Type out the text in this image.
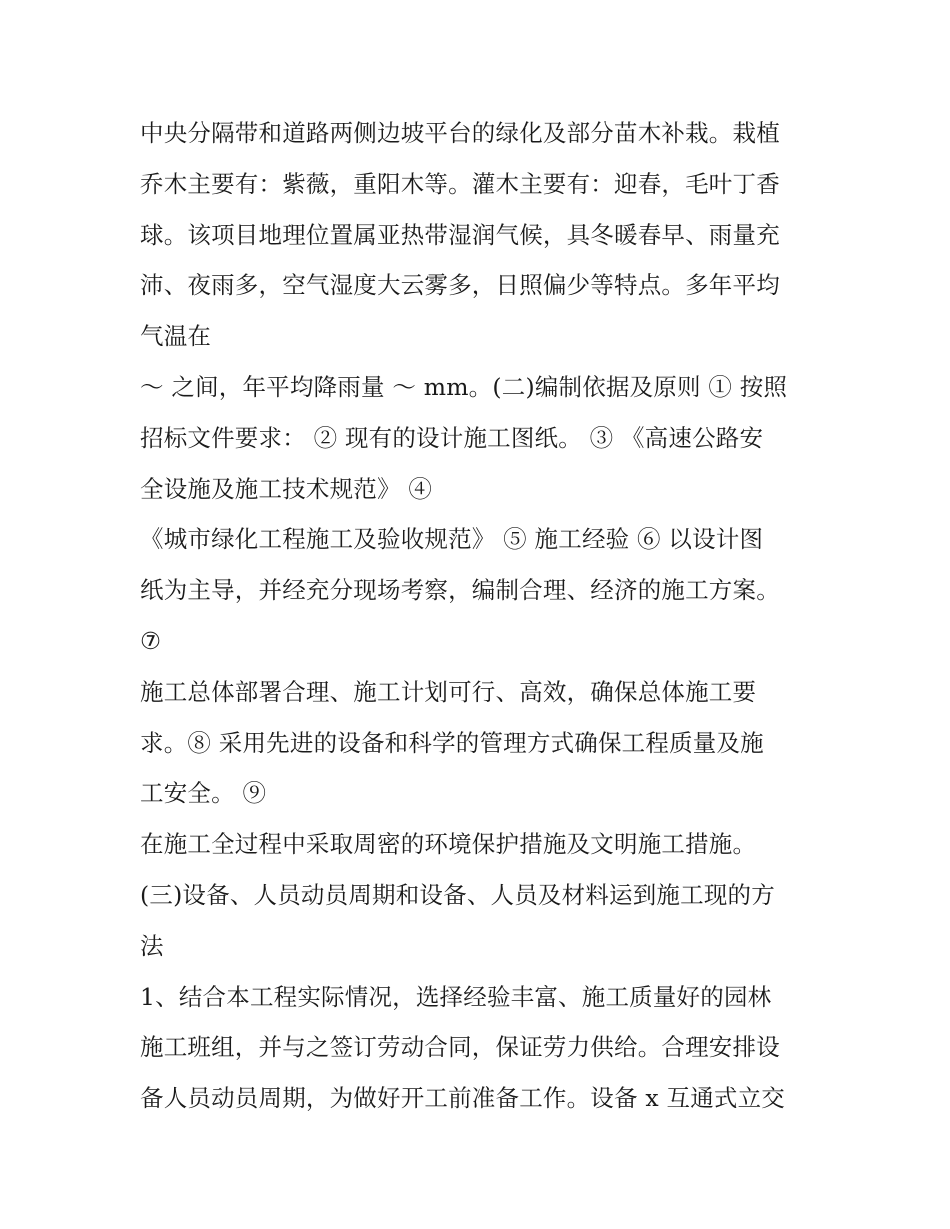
中央分隔带和道路两侧边坡平台的绿化及部分苗木补栽。栽植
乔木主要有：紫薇，重阳木等。灌木主要有：迎春，毛叶丁香
球。该项目地理位置属亚热带湿润气候，具冬暖春早、雨量充
沛、夜雨多，空气湿度大云雾多，日照偏少等特点。多年平均
气温在
～ 之间，年平均降雨量 ～ mm。(二)编制依据及原则 ① 按照
招标文件要求： ② 现有的设计施工图纸。 ③ 《高速公路安
全设施及施工技术规范》 ④
《城市绿化工程施工及验收规范》 ⑤ 施工经验 ⑥ 以设计图
纸为主导，并经充分现场考察，编制合理、经济的施工方案。
⑦
施工总体部署合理、施工计划可行、高效，确保总体施工要
求。⑧ 采用先进的设备和科学的管理方式确保工程质量及施
工安全。 ⑨
在施工全过程中采取周密的环境保护措施及文明施工措施。
(三)设备、人员动员周期和设备、人员及材料运到施工现的方
法
1、结合本工程实际情况，选择经验丰富、施工质量好的园林
施工班组，并与之签订劳动合同，保证劳力供给。合理安排设
备人员动员周期，为做好开工前准备工作。设备 x 互通式立交
